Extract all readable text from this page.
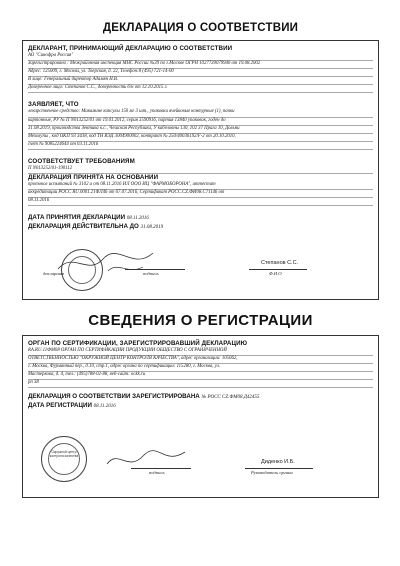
ДЕКЛАРАЦИЯ О СООТВЕТСТВИИ

ДЕКЛАРАНТ, ПРИНИМАЮЩИЙ ДЕКЛАРАЦИЮ О СООТВЕТСТВИИ

АО "Синофра Россия"

Зарегистрировано : Межрайонная инспекция МНС России №39 по г.Москве ОГРН 1027739079940 от 19.08.2002

Адрес: 125009, г. Москва, ул. Тверская, д. 22, Телефон:8 (495) 721-14-00

В лице: Генеральный директор Адамян Н.В.

Доверенное лицо: Степанов С.С., доверенность б/н от 12.10.2015 г.

ЗАЯВЛЯЕТ, ЧТО

лекарственное средство: Микамине капсулы 150 мг 3 шт., упаковки ячейковые контурные (1), пачки

картонные, РУ № П N013252/01 от 19.01.2012, серия 3590916, партия 13840 упаковок, годен до

31.08.2019, производства Зентива к.с., Чешская Республика, У кабеловны 130, 102 37 Прага 10, Дольни

Мехолупы , код ОКП 93 3438, код ТН ВЭД 3004900002, контракт № 250/40036192/F-2 от 20.10.2010,

счет № 9085224644 от 03.11.2016

СООТВЕТСТВУЕТ ТРЕБОВАНИЯМ

П N013252/01-190112

ДЕКЛАРАЦИЯ ПРИНЯТА НА ОСНОВАНИИ

протокол испытаний № 3102 а от 08.11.2016 ИЛ ООО ИЦ "ФАРМОБОРОНА", аттестат

аккредитации РОСС RU.0001.21ФЛ46 от 07.07.2016, Сертификат РОСС.СZ.ФИ08.С71146 от

08.11.2016

ДАТА ПРИНЯТИЯ ДЕКЛАРАЦИИ 08.11.2016
ДЕКЛАРАЦИЯ ДЕЙСТВИТЕЛЬНА ДО 31.08.2019
подпись
декларант
Степанов С.С.
Ф.И.О
СВЕДЕНИЯ О РЕГИСТРАЦИИ

ОРГАН ПО СЕРТИФИКАЦИИ, ЗАРЕГИСТРИРОВАВШИЙ ДЕКЛАРАЦИЮ

RA.RU.11ФМ08 ОРГАН ПО СЕРТИФИКАЦИИ ПРОДУКЦИИ ОБЩЕСТВО С ОГРАНИЧЕННОЙ

ОТВЕТСТВЕННОСТЬЮ "ОКРУЖНОЙ ЦЕНТР КОНТРОЛЯ КАЧЕСТВА", адрес организации: 105062,

г. Москва, Фурманный пер., д.10, стр.1, адрес органа по сертификации: 115280, г. Москва, ул.

Мастеркова, д. 4, тел.: (495)788-02-88, веб-сайт: ockk.ru

рп 38

ДЕКЛАРАЦИЯ О СООТВЕТСТВИИ ЗАРЕГИСТРИРОВАНА № РОСС СZ.ФМ08.Д42455
ДАТА РЕГИСТРАЦИИ 08.11.2016
Окружной центр контроля качества
подпись
Диденко И.Б.
Руководитель органа
